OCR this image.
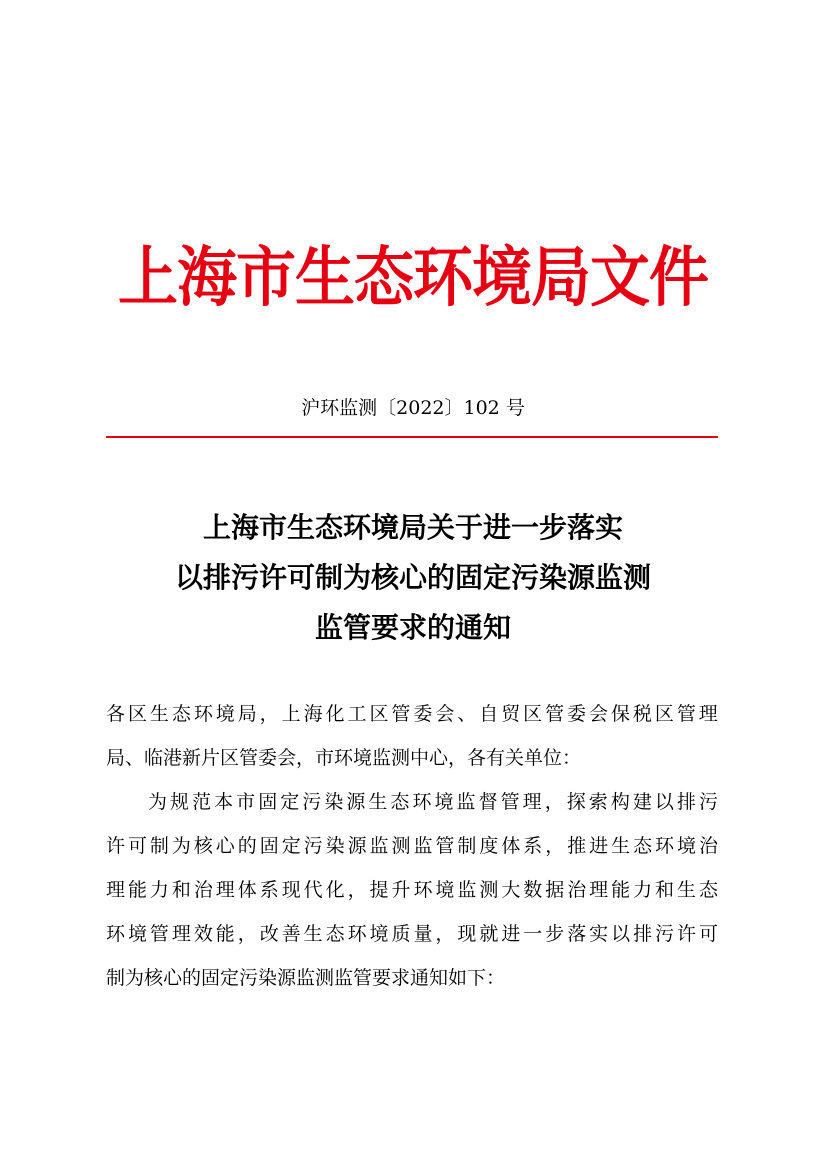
上海市生态环境局文件
沪环监测〔2022〕102 号
上海市生态环境局关于进一步落实
以排污许可制为核心的固定污染源监测
监管要求的通知
各区生态环境局，上海化工区管委会、自贸区管委会保税区管理
局、临港新片区管委会，市环境监测中心，各有关单位：
为规范本市固定污染源生态环境监督管理，探索构建以排污
许可制为核心的固定污染源监测监管制度体系，推进生态环境治
理能力和治理体系现代化，提升环境监测大数据治理能力和生态
环境管理效能，改善生态环境质量，现就进一步落实以排污许可
制为核心的固定污染源监测监管要求通知如下：
